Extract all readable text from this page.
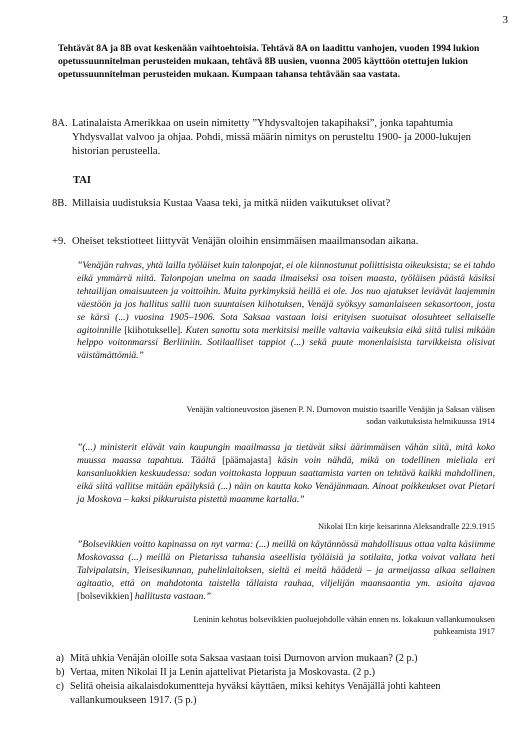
3
Tehtävät 8A ja 8B ovat keskenään vaihtoehtoisia. Tehtävä 8A on laadittu vanhojen, vuoden 1994 lukion opetussuunnitelman perusteiden mukaan, tehtävä 8B uusien, vuonna 2005 käyttöön otettujen lukion opetussuunnitelman perusteiden mukaan. Kumpaan tahansa tehtävään saa vastata.
8A. Latinalaista Amerikkaa on usein nimitetty ”Yhdysvaltojen takapihaksi”, jonka tapahtumia Yhdysvallat valvoo ja ohjaa. Pohdi, missä määrin nimitys on perusteltu 1900- ja 2000-lukujen historian perusteella.
TAI
8B. Millaisia uudistuksia Kustaa Vaasa teki, ja mitkä niiden vaikutukset olivat?
+9. Oheiset tekstiotteet liittyvät Venäjän oloihin ensimmäisen maailmansodan aikana.
”Venäjän rahvas, yhtä lailla työläiset kuin talonpojat, ei ole kiinnostunut poliittisista oikeuksista; se ei tahdo eikä ymmärrä niitä. Talonpojan unelma on saada ilmaiseksi osa toisen maasta, työläisen päästä käsiksi tehtailijan omaisuuteen ja voittoihin. Muita pyrkimyksiä heillä ei ole. Jos nuo ajatukset leviävät laajemmin väestöön ja jos hallitus sallii tuon suuntaisen kiihotuksen, Venäjä syöksyy samanlaiseen sekasortoon, josta se kärsi (...) vuosina 1905–1906. Sota Saksaa vastaan loisi erityisen suotuisat olosuhteet sellaiselle agitoinnille [kiihotukselle]. Kuten sanottu sota merkitsisi meille valtavia vaikeuksia eikä siitä tulisi mikään helppo voitonmarssi Berliiniin. Sotilaalliset tappiot (...) sekä puute monenlaisista tarvikkeista olisivat väistämättömiä.”
Venäjän valtioneuvoston jäsenen P. N. Durnovon muistio tsaarille Venäjän ja Saksan välisen sodan vaikutuksista helmikuussa 1914
”(...) ministerit elävät vain kaupungin maailmassa ja tietävät siksi äärimmäisen vähän siitä, mitä koko muussa maassa tapahtuu. Täältä [päämajasta] käsin voin nähdä, mikä on todellinen mieliala eri kansanluokkien keskuudessa: sodan voittokasta loppuun saattamista varten on tehtävä kaikki mahdollinen, eikä siitä vallitse mitään epäilyksiä (...) näin on kautta koko Venäjänmaan. Ainoat poikkeukset ovat Pietari ja Moskova – kaksi pikkuruista pistettä maamme kartalla.”
Nikolai II:n kirje keisarinna Aleksandralle 22.9.1915
”Bolsevikkien voitto kapinassa on nyt varma: (...) meillä on käytännössä mahdollisuus ottaa valta käsiimme Moskovassa (...) meillä on Pietarissa tuhansia aseellisia työläisiä ja sotilaita, jotka voivat vallata heti Talvipalatsin, Yleisesikunnan, puhelinlaitoksen, sieltä ei meitä häädetä – ja armeijassa alkaa sellainen agitaatio, että on mahdotonta taistella tällaista rauhaa, viljelijän maansaantia ym. asioita ajavaa [bolsevikkien] hallitusta vastaan.”
Leninin kehotus bolsevikkien puoluejohdolle vähän ennen ns. lokakuun vallankumouksen puhkeamista 1917
a) Mitä uhkia Venäjän oloille sota Saksaa vastaan toisi Durnovon arvion mukaan? (2 p.)
b) Vertaa, miten Nikolai II ja Lenin ajattelivat Pietarista ja Moskovasta. (2 p.)
c) Selitä oheisia aikalaisdokumentteja hyväksi käyttäen, miksi kehitys Venäjällä johti kahteen vallankumoukseen 1917. (5 p.)
